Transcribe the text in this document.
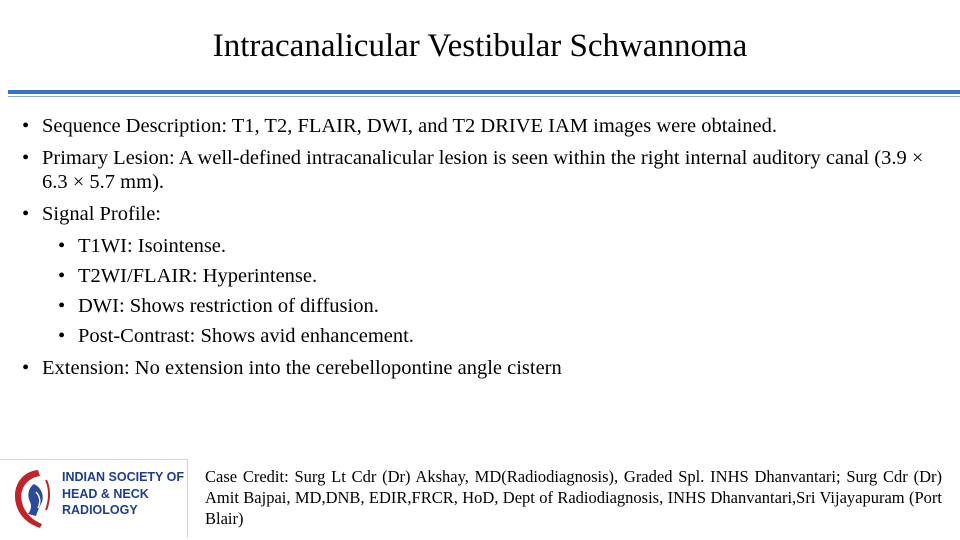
Intracanalicular Vestibular Schwannoma
• Sequence Description: T1, T2, FLAIR, DWI, and T2 DRIVE IAM images were obtained.
• Primary Lesion: A well-defined intracanalicular lesion is seen within the right internal auditory canal (3.9 × 6.3 × 5.7 mm).
• Signal Profile:
• T1WI: Isointense.
• T2WI/FLAIR: Hyperintense.
• DWI: Shows restriction of diffusion.
• Post-Contrast: Shows avid enhancement.
• Extension: No extension into the cerebellopontine angle cistern
INDIAN SOCIETY OF
HEAD & NECK
RADIOLOGY
Case Credit: Surg Lt Cdr (Dr) Akshay, MD(Radiodiagnosis), Graded Spl. INHS Dhanvantari; Surg Cdr (Dr) Amit Bajpai, MD,DNB, EDIR,FRCR, HoD, Dept of Radiodiagnosis, INHS Dhanvantari,Sri Vijayapuram (Port Blair)
